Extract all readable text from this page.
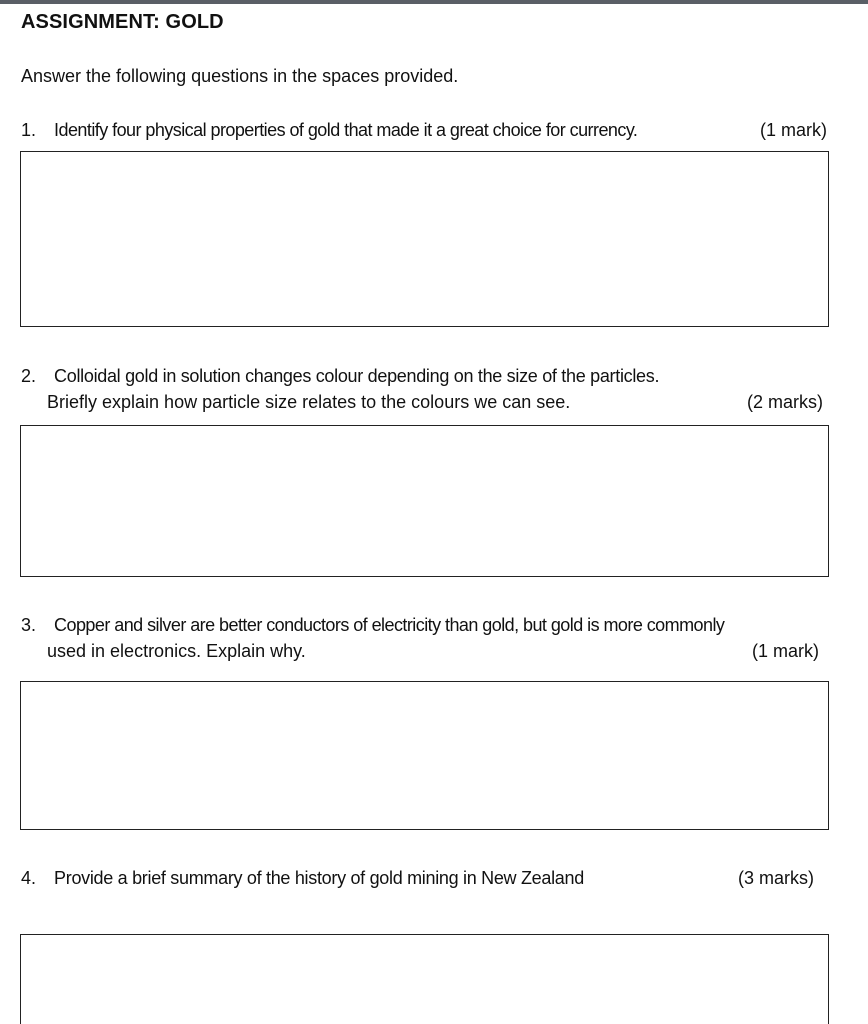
ASSIGNMENT: GOLD
Answer the following questions in the spaces provided.
1. Identify four physical properties of gold that made it a great choice for currency.	(1 mark)
2. Colloidal gold in solution changes colour depending on the size of the particles.
Briefly explain how particle size relates to the colours we can see.	(2 marks)
3. Copper and silver are better conductors of electricity than gold, but gold is more commonly
used in electronics. Explain why.	(1 mark)
4. Provide a brief summary of the history of gold mining in New Zealand	(3 marks)
